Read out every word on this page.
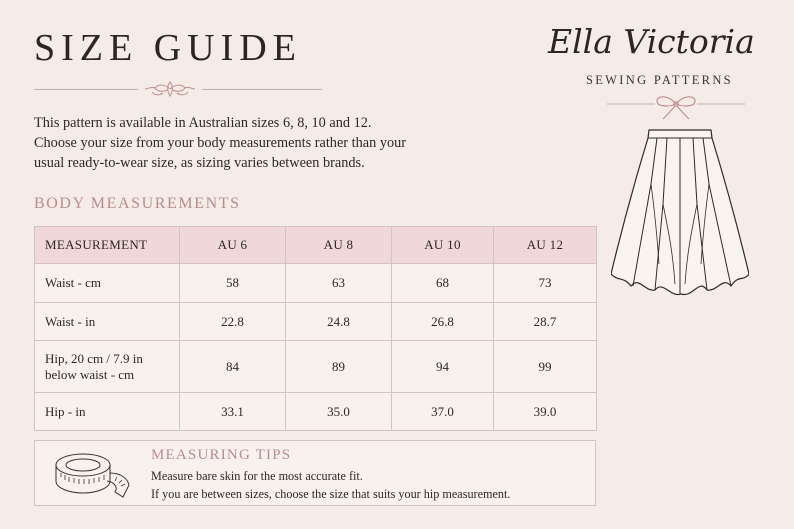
SIZE GUIDE
This pattern is available in Australian sizes 6, 8, 10 and 12.
Choose your size from your body measurements rather than your
usual ready-to-wear size, as sizing varies between brands.
BODY MEASUREMENTS
MEASUREMENT	AU 6	AU 8	AU 10	AU 12
Waist - cm	58	63	68	73
Waist - in	22.8	24.8	26.8	28.7

Hip, 20 cm / 7.9 in
below waist - cm	84	89	94	99
Hip - in	33.1	35.0	37.0	39.0
MEASURING TIPS
Measure bare skin for the most accurate fit.
If you are between sizes, choose the size that suits your hip measurement.
Ella Victoria
SEWING PATTERNS
